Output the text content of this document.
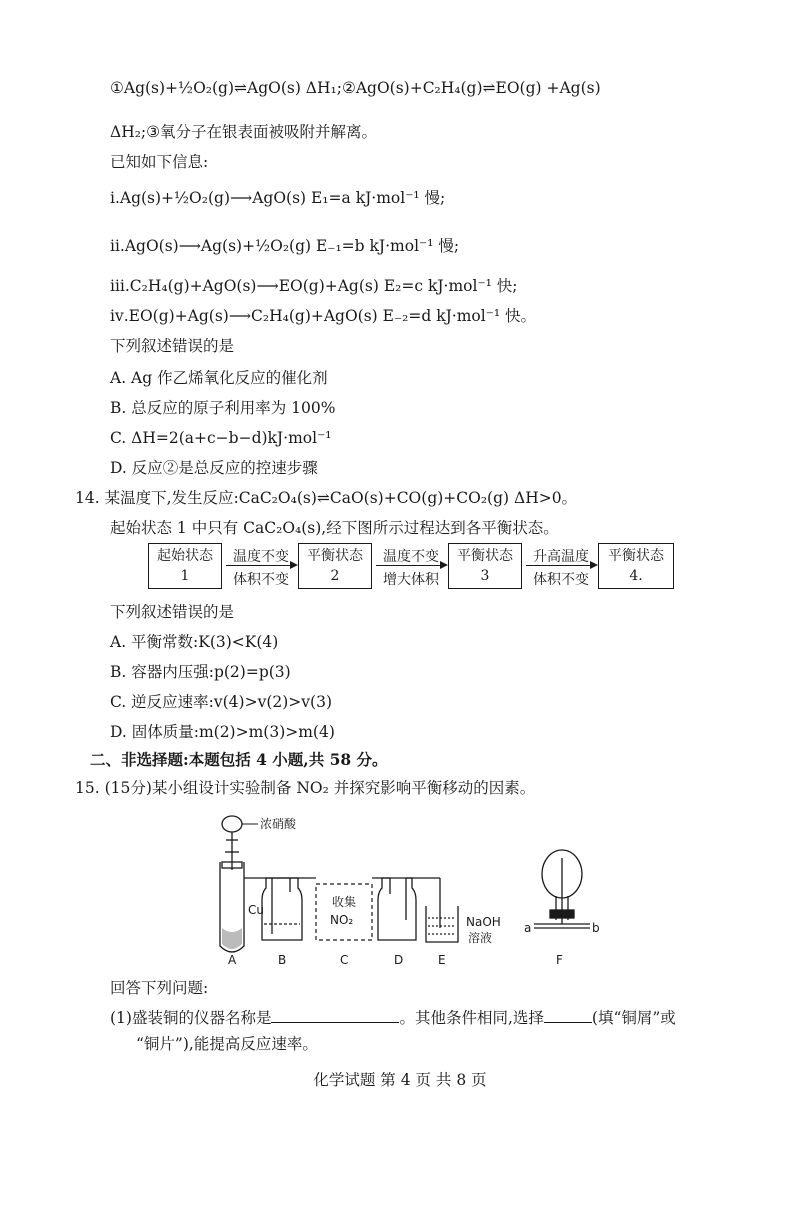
①Ag(s)+½O₂(g)⇌AgO(s) ΔH₁;②AgO(s)+C₂H₄(g)⇌EO(g) +Ag(s)
ΔH₂;③氧分子在银表面被吸附并解离。
已知如下信息:
ⅰ.Ag(s)+½O₂(g)⟶AgO(s) E₁=a kJ·mol⁻¹ 慢;
ⅱ.AgO(s)⟶Ag(s)+½O₂(g) E₋₁=b kJ·mol⁻¹ 慢;
ⅲ.C₂H₄(g)+AgO(s)⟶EO(g)+Ag(s) E₂=c kJ·mol⁻¹ 快;
ⅳ.EO(g)+Ag(s)⟶C₂H₄(g)+AgO(s) E₋₂=d kJ·mol⁻¹ 快。
下列叙述错误的是
A. Ag 作乙烯氧化反应的催化剂
B. 总反应的原子利用率为 100%
C. ΔH=2(a+c−b−d)kJ·mol⁻¹
D. 反应②是总反应的控速步骤
14. 某温度下,发生反应:CaC₂O₄(s)⇌CaO(s)+CO(g)+CO₂(g) ΔH>0。
起始状态 1 中只有 CaC₂O₄(s),经下图所示过程达到各平衡状态。
起始状态
1
温度不变
体积不变
平衡状态
2
温度不变
增大体积
平衡状态
3
升高温度
体积不变
平衡状态
4.
下列叙述错误的是
A. 平衡常数:K(3)<K(4)
B. 容器内压强:p(2)=p(3)
C. 逆反应速率:v(4)>v(2)>v(3)
D. 固体质量:m(2)>m(3)>m(4)
二、非选择题:本题包括 4 小题,共 58 分。
15. (15分)某小组设计实验制备 NO₂ 并探究影响平衡移动的因素。
浓硝酸
Cu
收集
NO₂	NaOH
溶液
a	b
A	B	C	D	E	F
回答下列问题:
(1)盛装铜的仪器名称是	。其他条件相同,选择	(填“铜屑”或
“铜片”),能提高反应速率。
化学试题 第 4 页 共 8 页
